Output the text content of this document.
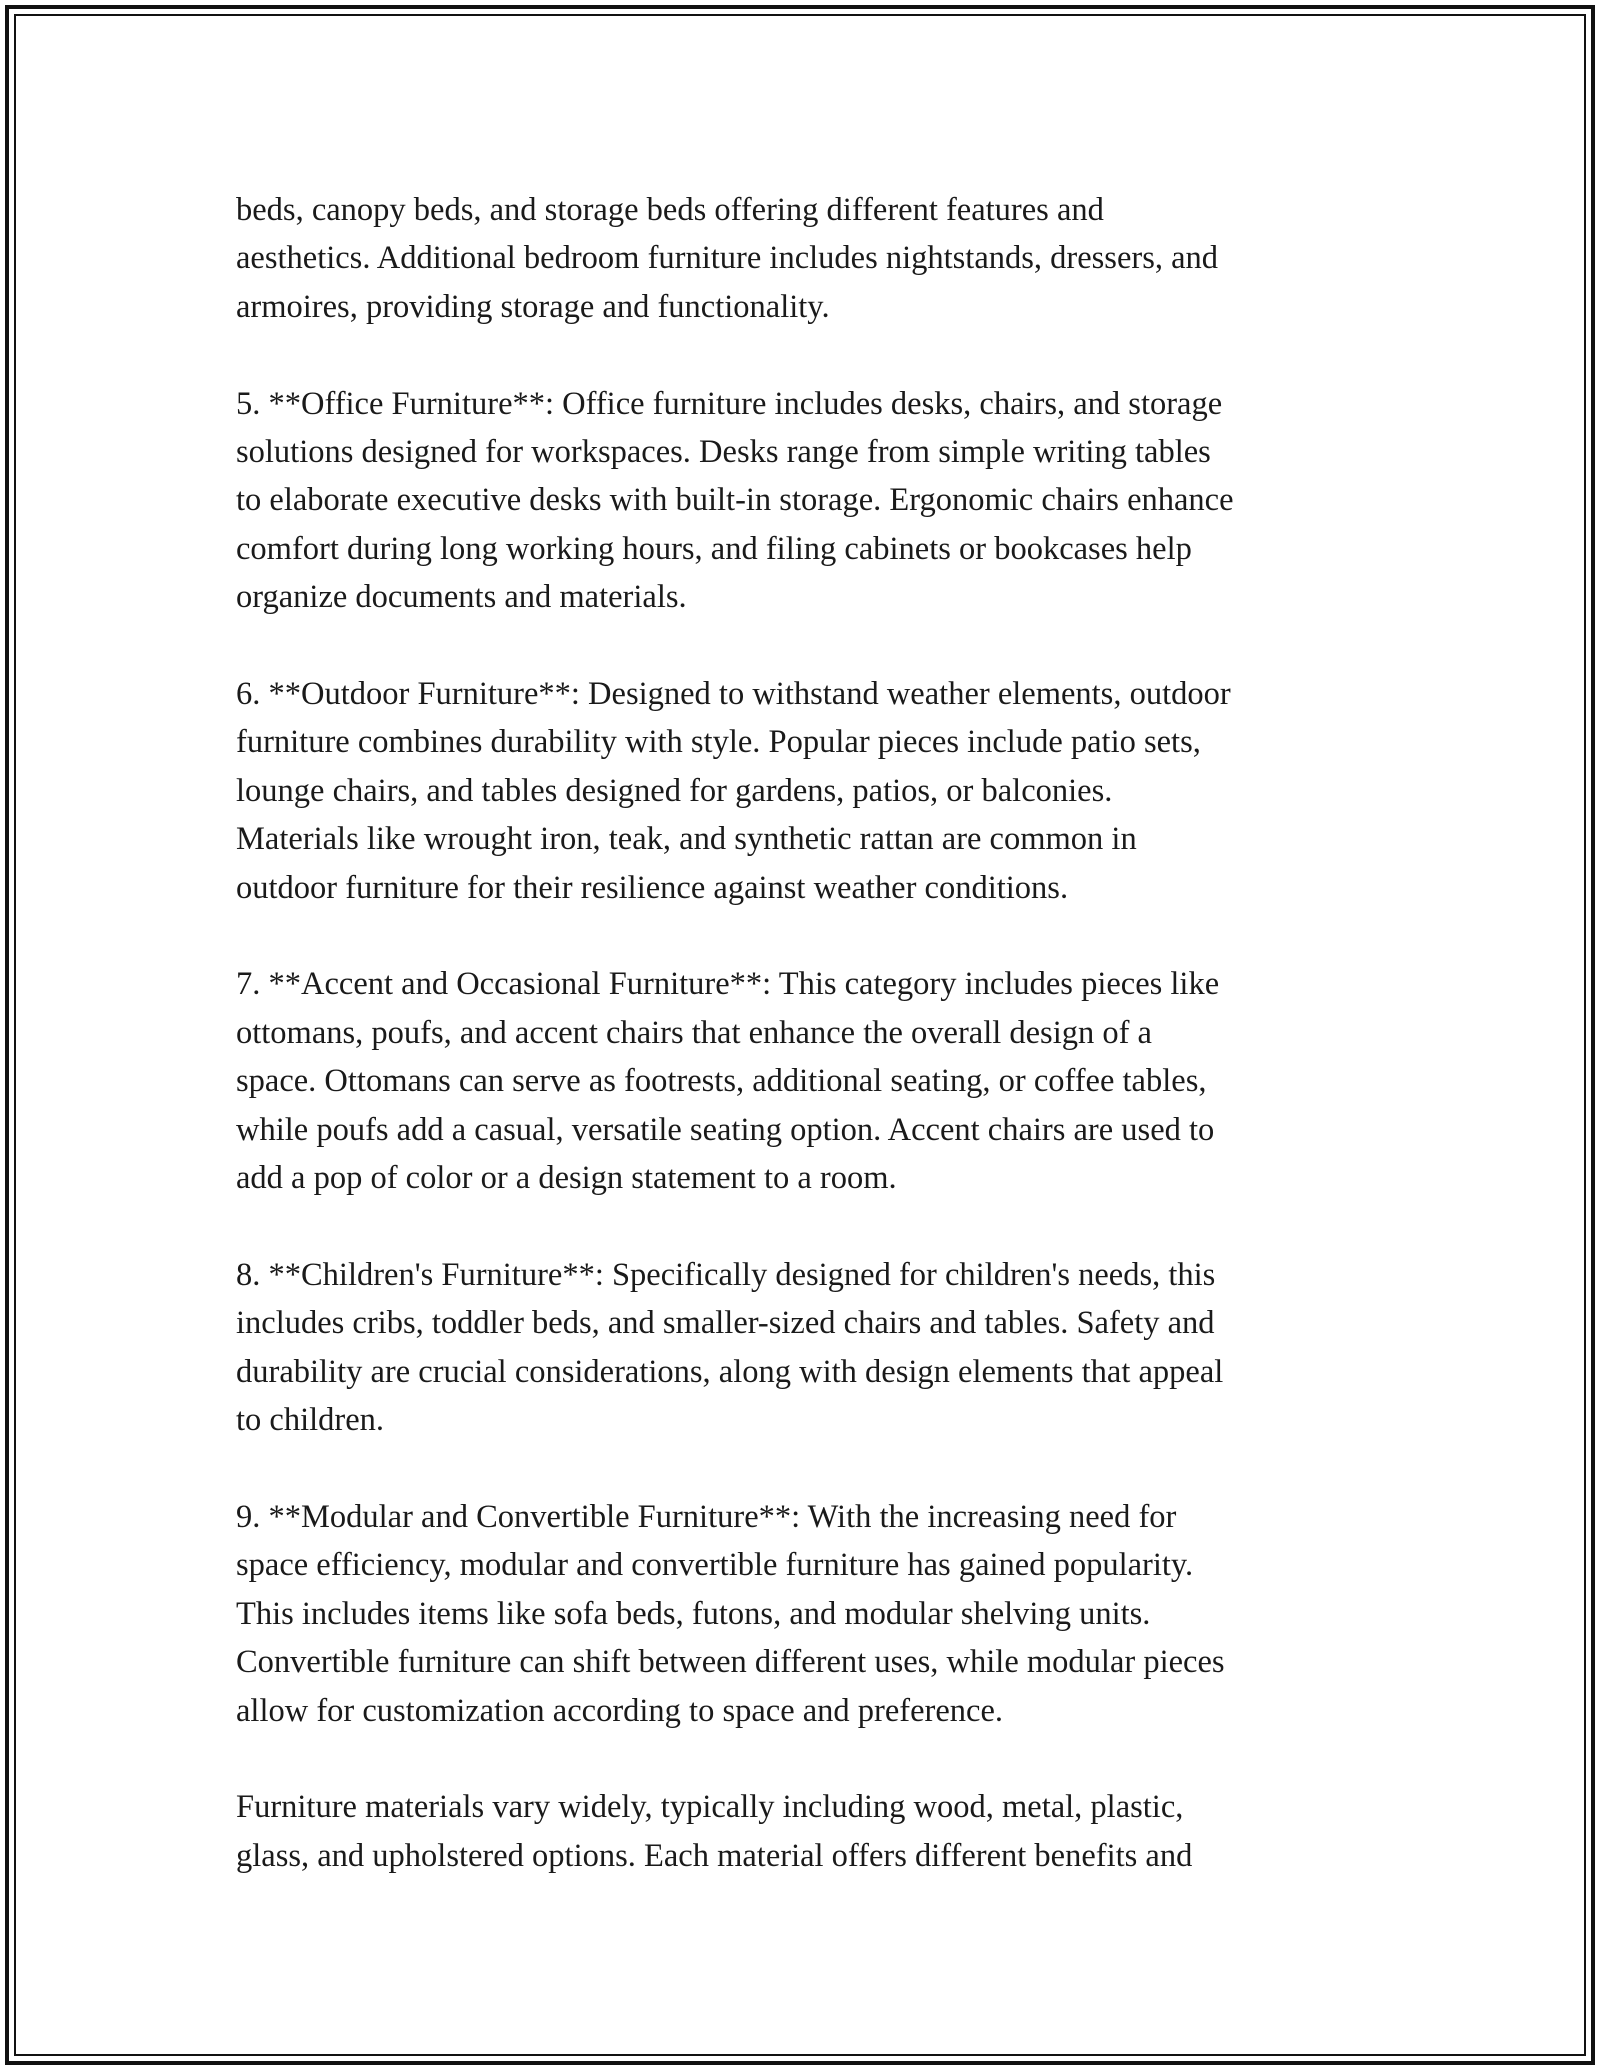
beds, canopy beds, and storage beds offering different features and
aesthetics. Additional bedroom furniture includes nightstands, dressers, and
armoires, providing storage and functionality.

5. **Office Furniture**: Office furniture includes desks, chairs, and storage
solutions designed for workspaces. Desks range from simple writing tables
to elaborate executive desks with built-in storage. Ergonomic chairs enhance
comfort during long working hours, and filing cabinets or bookcases help
organize documents and materials.

6. **Outdoor Furniture**: Designed to withstand weather elements, outdoor
furniture combines durability with style. Popular pieces include patio sets,
lounge chairs, and tables designed for gardens, patios, or balconies.
Materials like wrought iron, teak, and synthetic rattan are common in
outdoor furniture for their resilience against weather conditions.

7. **Accent and Occasional Furniture**: This category includes pieces like
ottomans, poufs, and accent chairs that enhance the overall design of a
space. Ottomans can serve as footrests, additional seating, or coffee tables,
while poufs add a casual, versatile seating option. Accent chairs are used to
add a pop of color or a design statement to a room.

8. **Children's Furniture**: Specifically designed for children's needs, this
includes cribs, toddler beds, and smaller-sized chairs and tables. Safety and
durability are crucial considerations, along with design elements that appeal
to children.

9. **Modular and Convertible Furniture**: With the increasing need for
space efficiency, modular and convertible furniture has gained popularity.
This includes items like sofa beds, futons, and modular shelving units.
Convertible furniture can shift between different uses, while modular pieces
allow for customization according to space and preference.

Furniture materials vary widely, typically including wood, metal, plastic,
glass, and upholstered options. Each material offers different benefits and
